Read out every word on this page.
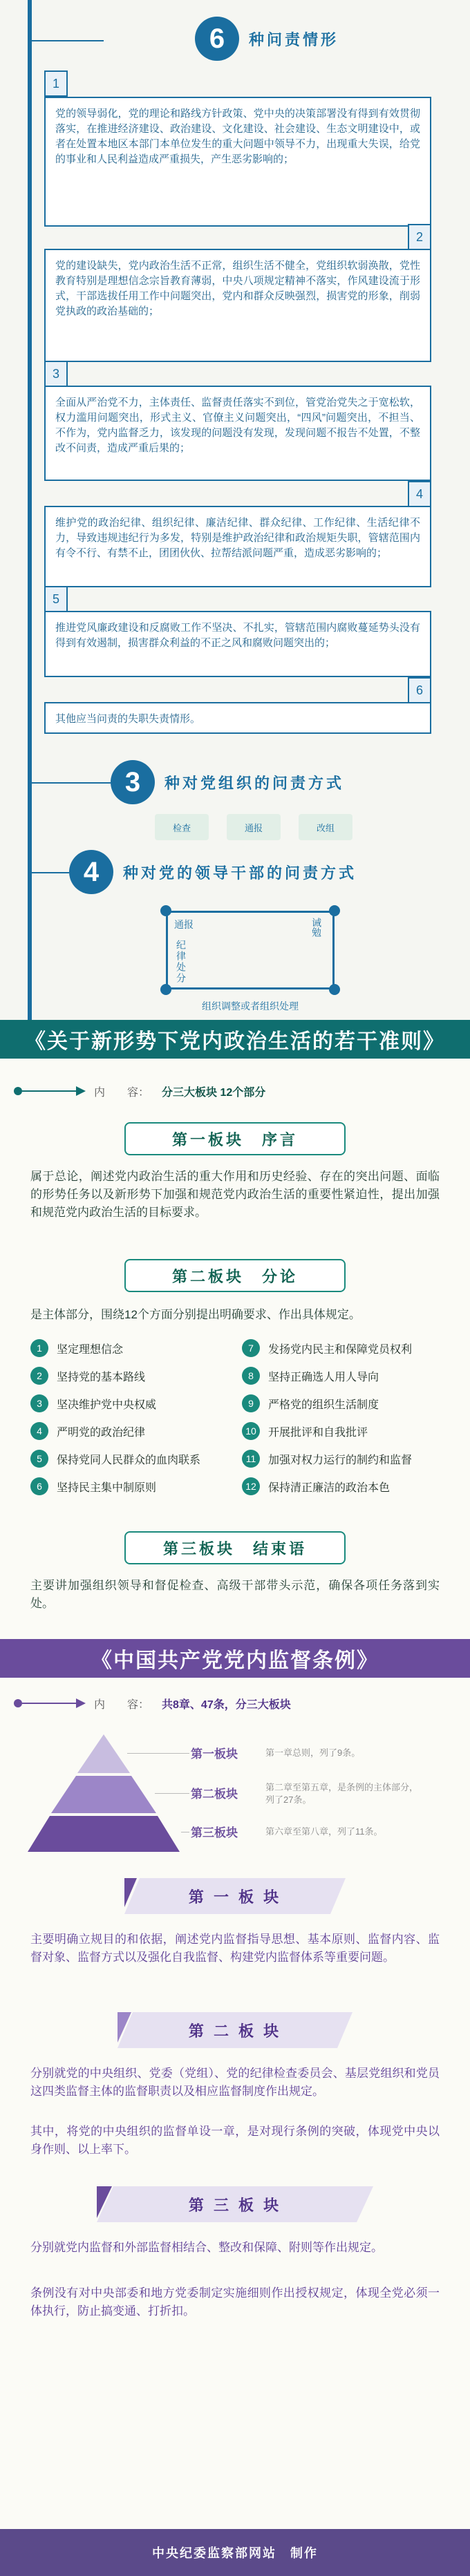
6	种问责情形
1
党的领导弱化，党的理论和路线方针政策、党中央的决策部署没有得到有效贯彻落实，在推进经济建设、政治建设、文化建设、社会建设、生态文明建设中，或者在处置本地区本部门本单位发生的重大问题中领导不力，出现重大失误，给党的事业和人民利益造成严重损失，产生恶劣影响的；
2
党的建设缺失，党内政治生活不正常，组织生活不健全，党组织软弱涣散，党性教育特别是理想信念宗旨教育薄弱，中央八项规定精神不落实，作风建设流于形式，干部选拔任用工作中问题突出，党内和群众反映强烈，损害党的形象，削弱党执政的政治基础的；
3
全面从严治党不力，主体责任、监督责任落实不到位，管党治党失之于宽松软，权力滥用问题突出，形式主义、官僚主义问题突出，“四风”问题突出，不担当、不作为，党内监督乏力，该发现的问题没有发现，发现问题不报告不处置，不整改不问责，造成严重后果的；
4
维护党的政治纪律、组织纪律、廉洁纪律、群众纪律、工作纪律、生活纪律不力，导致违规违纪行为多发，特别是维护政治纪律和政治规矩失职，管辖范围内有令不行、有禁不止，团团伙伙、拉帮结派问题严重，造成恶劣影响的；
5
推进党风廉政建设和反腐败工作不坚决、不扎实，管辖范围内腐败蔓延势头没有得到有效遏制，损害群众利益的不正之风和腐败问题突出的；
6
其他应当问责的失职失责情形。
3	种对党组织的问责方式
检查	通报	改组
4	种对党的领导干部的问责方式
通报	诫勉
纪律处分
组织调整或者组织处理
《关于新形势下党内政治生活的若干准则》
内　　容： 分三大板块 12个部分
第一板块　序言
属于总论，阐述党内政治生活的重大作用和历史经验、存在的突出问题、面临的形势任务以及新形势下加强和规范党内政治生活的重要性紧迫性，提出加强和规范党内政治生活的目标要求。
第二板块　分论
是主体部分，围绕12个方面分别提出明确要求、作出具体规定。
1	坚定理想信念	7	发扬党内民主和保障党员权利
2	坚持党的基本路线	8	坚持正确选人用人导向
3	坚决维护党中央权威	9	严格党的组织生活制度
4	严明党的政治纪律	10	开展批评和自我批评
5	保持党同人民群众的血肉联系	11	加强对权力运行的制约和监督
6	坚持民主集中制原则	12	保持清正廉洁的政治本色
第三板块　结束语
主要讲加强组织领导和督促检查、高级干部带头示范，确保各项任务落到实处。
《中国共产党党内监督条例》
内　　容： 共8章、47条，分三大板块
第一板块	第一章总则，列了9条。
第二板块
第二章至第五章，是条例的主体部分，列了27条。
第三板块	第六章至第八章，列了11条。
第 一 板 块
主要明确立规目的和依据，阐述党内监督指导思想、基本原则、监督内容、监督对象、监督方式以及强化自我监督、构建党内监督体系等重要问题。
第 二 板 块
分别就党的中央组织、党委（党组）、党的纪律检查委员会、基层党组织和党员这四类监督主体的监督职责以及相应监督制度作出规定。
其中，将党的中央组织的监督单设一章，是对现行条例的突破，体现党中央以身作则、以上率下。
第 三 板 块
分别就党内监督和外部监督相结合、整改和保障、附则等作出规定。
条例没有对中央部委和地方党委制定实施细则作出授权规定，体现全党必须一体执行，防止搞变通、打折扣。
中央纪委监察部网站　制作
